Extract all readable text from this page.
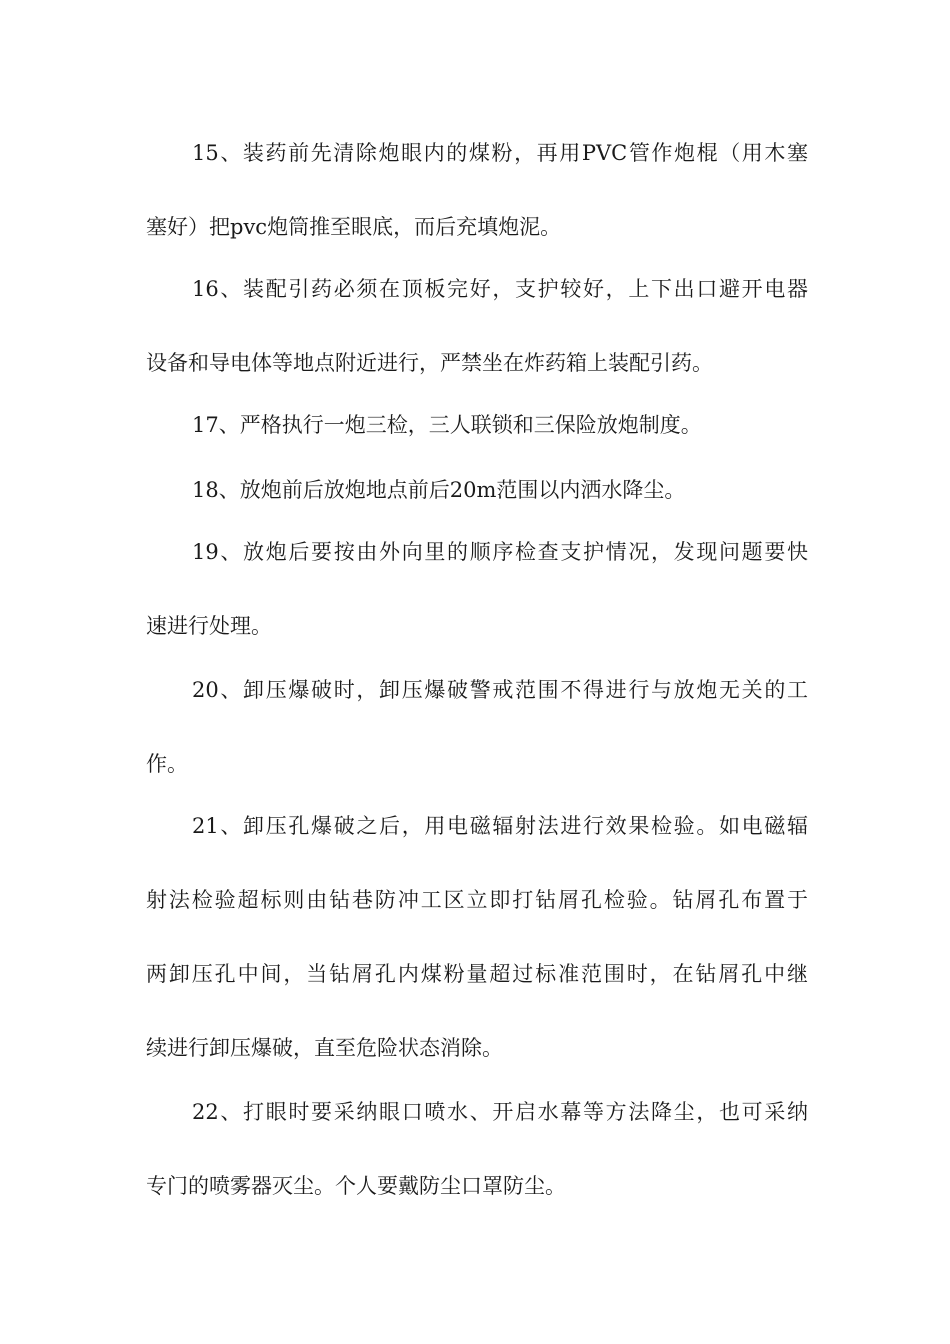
15、装药前先清除炮眼内的煤粉，再用PVC管作炮棍（用木塞
塞好）把pvc炮筒推至眼底，而后充填炮泥。
16、装配引药必须在顶板完好，支护较好，上下出口避开电器
设备和导电体等地点附近进行，严禁坐在炸药箱上装配引药。
17、严格执行一炮三检，三人联锁和三保险放炮制度。
18、放炮前后放炮地点前后20m范围以内洒水降尘。
19、放炮后要按由外向里的顺序检查支护情况，发现问题要快
速进行处理。
20、卸压爆破时，卸压爆破警戒范围不得进行与放炮无关的工
作。
21、卸压孔爆破之后，用电磁辐射法进行效果检验。如电磁辐
射法检验超标则由钻巷防冲工区立即打钻屑孔检验。钻屑孔布置于
两卸压孔中间，当钻屑孔内煤粉量超过标准范围时，在钻屑孔中继
续进行卸压爆破，直至危险状态消除。
22、打眼时要采纳眼口喷水、开启水幕等方法降尘，也可采纳
专门的喷雾器灭尘。个人要戴防尘口罩防尘。
